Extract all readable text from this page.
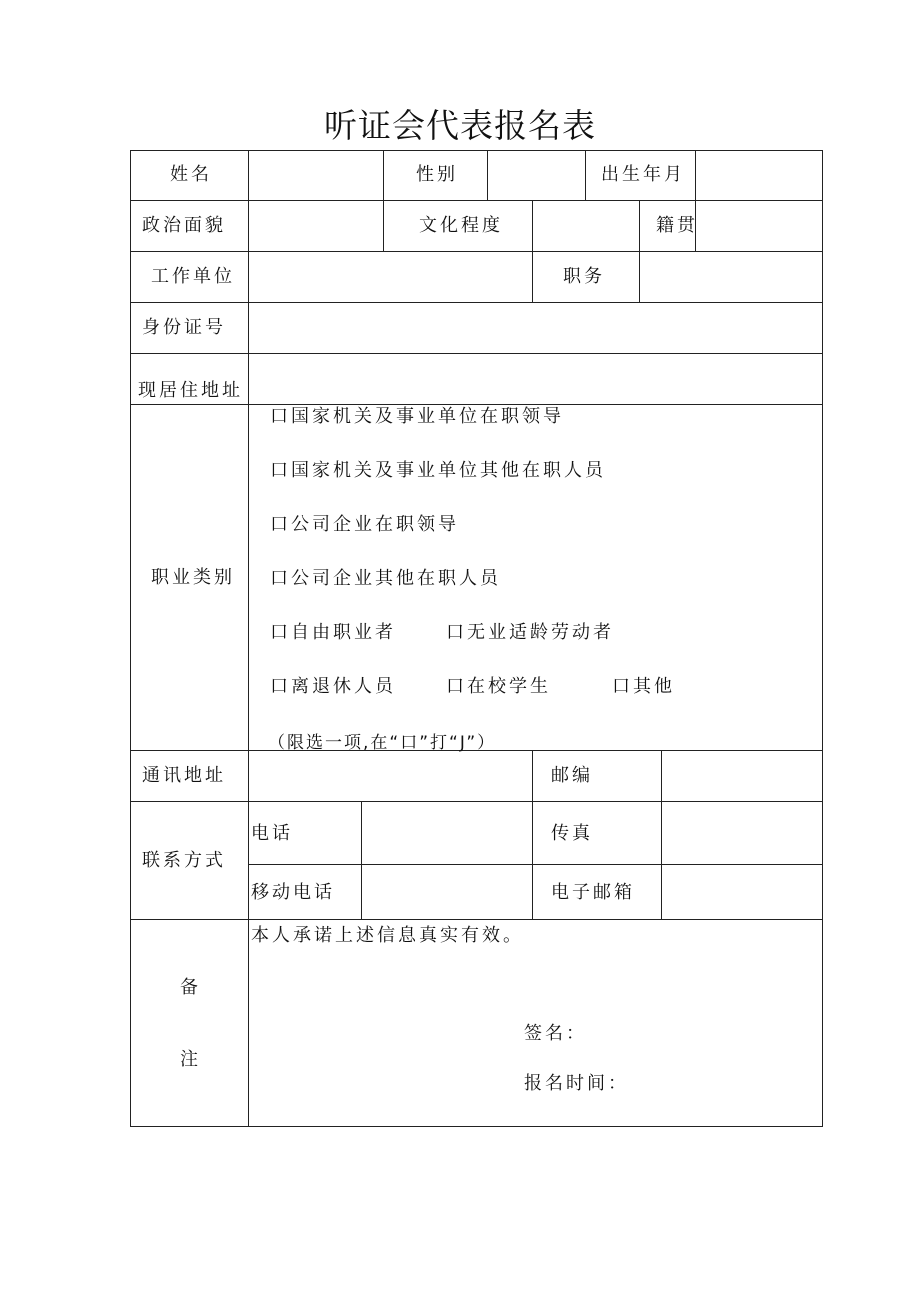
听证会代表报名表
姓名	性别	出生年月
政治面貌	文化程度	籍贯
工作单位	职务
身份证号
现居住地址
职业类别
口国家机关及事业单位在职领导
口国家机关及事业单位其他在职人员
口公司企业在职领导
口公司企业其他在职人员
口自由职业者	口无业适龄劳动者
口离退休人员	口在校学生	口其他
（限选一项,在“口”打“J”）
通讯地址	邮编
联系方式
电话	传真
移动电话	电子邮箱
备
注
本人承诺上述信息真实有效。
签名：
报名时间：
